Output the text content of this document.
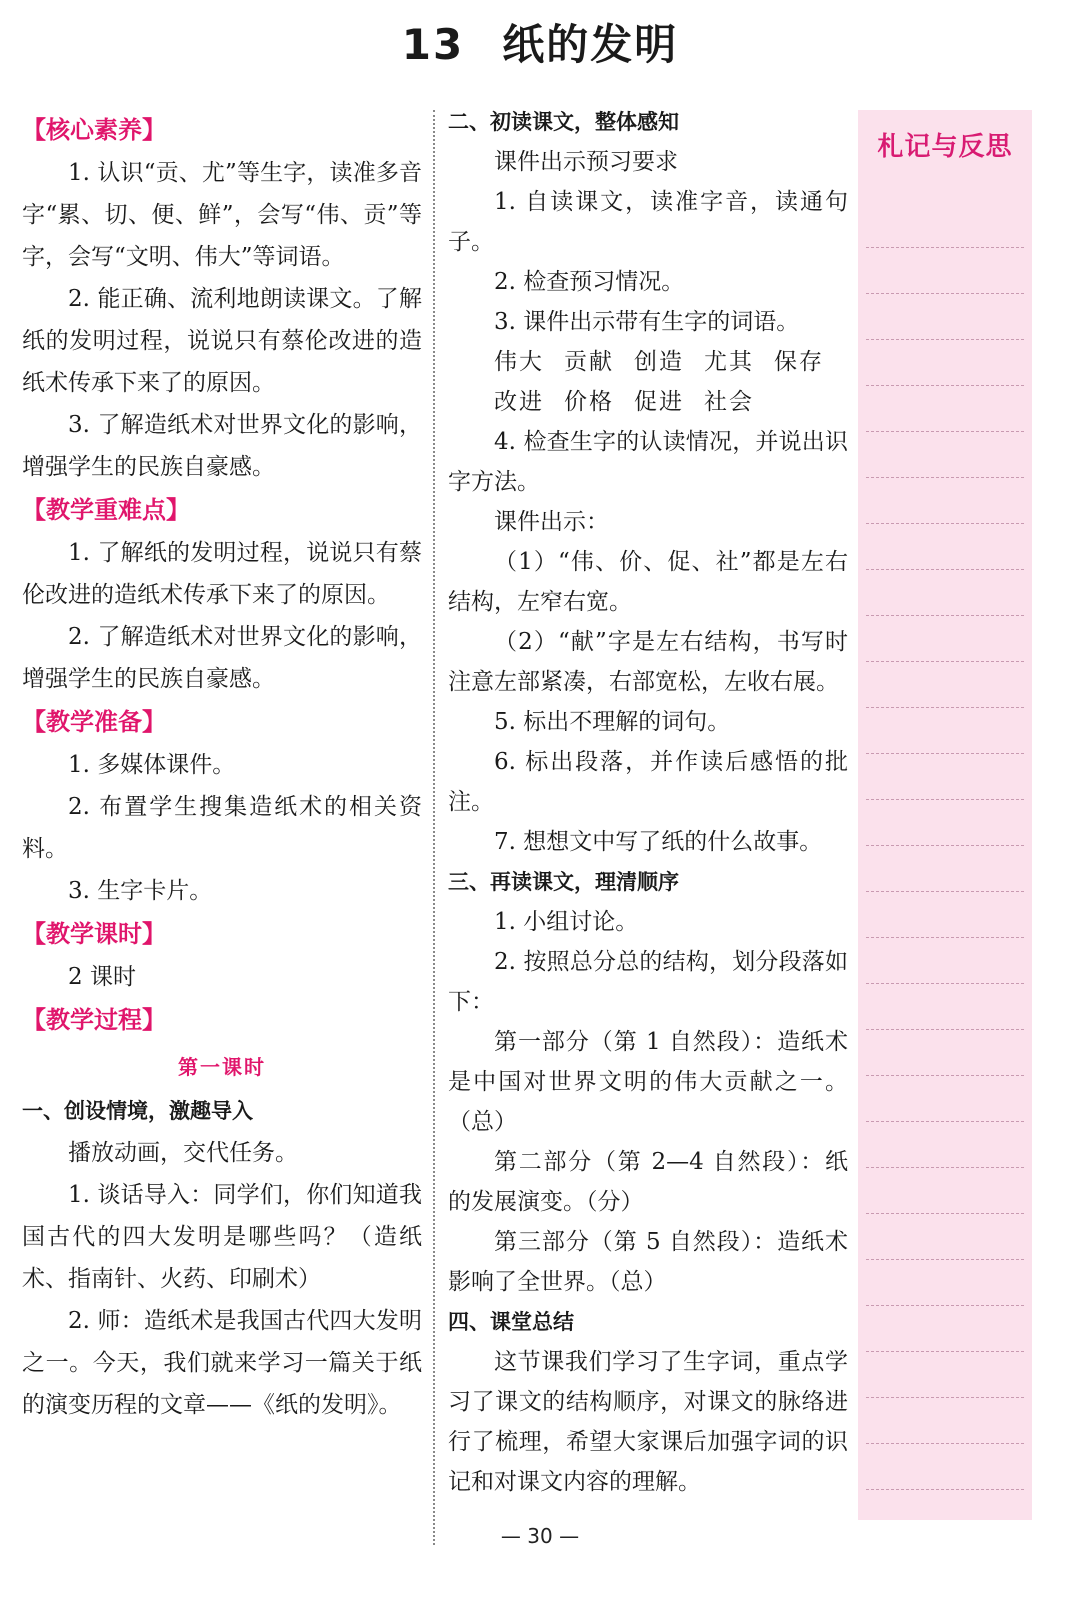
13 纸的发明
【核心素养】

1. 认识“贡、尤”等生字，读准多音字“累、切、便、鲜”，会写“伟、贡”等字，会写“文明、伟大”等词语。

2. 能正确、流利地朗读课文。了解纸的发明过程，说说只有蔡伦改进的造纸术传承下来了的原因。

3. 了解造纸术对世界文化的影响，增强学生的民族自豪感。

【教学重难点】

1. 了解纸的发明过程，说说只有蔡伦改进的造纸术传承下来了的原因。

2. 了解造纸术对世界文化的影响，增强学生的民族自豪感。

【教学准备】

1. 多媒体课件。

2. 布置学生搜集造纸术的相关资料。

3. 生字卡片。

【教学课时】

2 课时

【教学过程】
第一课时

一、创设情境，激趣导入

播放动画，交代任务。

1. 谈话导入：同学们，你们知道我国古代的四大发明是哪些吗？（造纸术、指南针、火药、印刷术）

2. 师：造纸术是我国古代四大发明之一。今天，我们就来学习一篇关于纸的演变历程的文章——《纸的发明》。

二、初读课文，整体感知

课件出示预习要求

1. 自读课文，读准字音，读通句子。

2. 检查预习情况。

3. 课件出示带有生字的词语。

伟大 贡献 创造 尤其 保存

改进 价格 促进 社会

4. 检查生字的认读情况，并说出识字方法。

课件出示：

（1）“伟、价、促、社”都是左右结构，左窄右宽。

（2）“献”字是左右结构，书写时注意左部紧凑，右部宽松，左收右展。

5. 标出不理解的词句。

6. 标出段落，并作读后感悟的批注。

7. 想想文中写了纸的什么故事。

三、再读课文，理清顺序

1. 小组讨论。

2. 按照总分总的结构，划分段落如下：

第一部分（第 1 自然段）：造纸术是中国对世界文明的伟大贡献之一。（总）

第二部分（第 2—4 自然段）：纸的发展演变。（分）

第三部分（第 5 自然段）：造纸术影响了全世界。（总）

四、课堂总结

这节课我们学习了生字词，重点学习了课文的结构顺序，对课文的脉络进行了梳理，希望大家课后加强字词的识记和对课文内容的理解。

札记与反思
— 30 —
